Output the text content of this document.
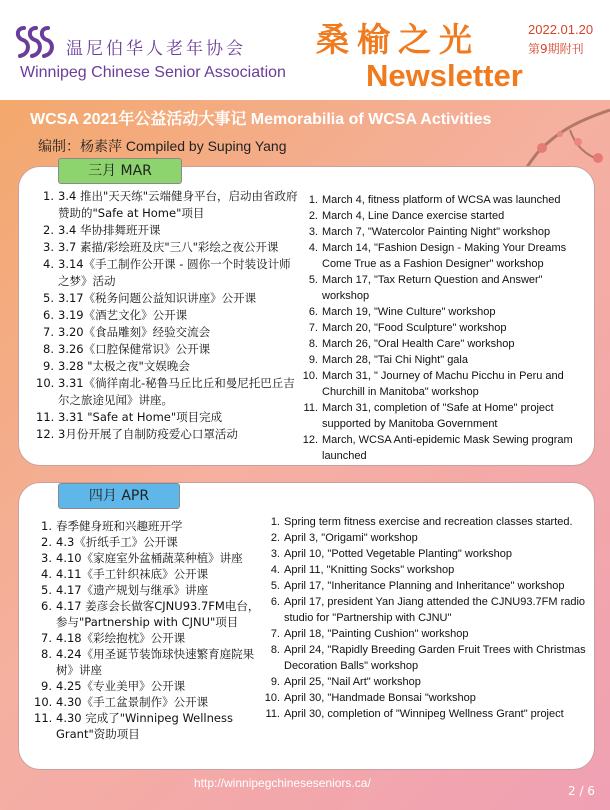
温尼伯华人老年协会
Winnipeg Chinese Senior Association
桑榆之光
Newsletter
2022.01.20
第9期附刊
WCSA 2021年公益活动大事记 Memorabilia of WCSA Activities
编制：杨素萍 Compiled by Suping Yang
三月 MAR
1. 3.4 推出"天天练"云端健身平台，启动由省政府赞助的"Safe at Home"项目
2. 3.4 华协排舞班开课
3. 3.7 素描/彩绘班及庆"三八"彩绘之夜公开课
4. 3.14《手工制作公开课 - 圆你一个时装设计师之梦》活动
5. 3.17《税务问题公益知识讲座》公开课
6. 3.19《酒艺文化》公开课
7. 3.20《食品雕刻》经验交流会
8. 3.26《口腔保健常识》公开课
9. 3.28 "太极之夜"文娱晚会
10. 3.31《徜徉南北-秘鲁马丘比丘和曼尼托巴丘吉尔之旅途见闻》讲座。
11. 3.31 "Safe at Home"项目完成
12. 3月份开展了自制防疫爱心口罩活动
1. March 4, fitness platform of WCSA was launched
2. March 4, Line Dance exercise started
3. March 7, "Watercolor Painting Night" workshop
4. March 14, "Fashion Design - Making Your Dreams Come True as a Fashion Designer" workshop
5. March 17, "Tax Return Question and Answer" workshop
6. March 19, "Wine Culture" workshop
7. March 20, "Food Sculpture" workshop
8. March 26, "Oral Health Care" workshop
9. March 28, "Tai Chi Night" gala
10. March 31, " Journey of Machu Picchu in Peru and Churchill in Manitoba" workshop
11. March 31, completion of "Safe at Home" project supported by Manitoba Government
12. March, WCSA Anti-epidemic Mask Sewing program launched
四月 APR
1. 春季健身班和兴趣班开学
2. 4.3《折纸手工》公开课
3. 4.10《家庭室外盆桶蔬菜种植》讲座
4. 4.11《手工针织袜底》公开课
5. 4.17《遗产规划与继承》讲座
6. 4.17 姜彦会长做客CJNU93.7FM电台，参与"Partnership with CJNU"项目
7. 4.18《彩绘抱枕》公开课
8. 4.24《用圣诞节装饰球快速繁育庭院果树》讲座
9. 4.25《专业美甲》公开课
10. 4.30《手工盆景制作》公开课
11. 4.30 完成了"Winnipeg Wellness Grant"资助项目
1. Spring term fitness exercise and recreation classes started.
2. April 3, "Origami" workshop
3. April 10, "Potted Vegetable Planting" workshop
4. April 11, "Knitting Socks" workshop
5. April 17, "Inheritance Planning and Inheritance" workshop
6. April 17, president Yan Jiang attended the CJNU93.7FM radio studio for "Partnership with CJNU"
7. April 18, "Painting Cushion" workshop
8. April 24, "Rapidly Breeding Garden Fruit Trees with Christmas Decoration Balls" workshop
9. April 25, "Nail Art" workshop
10. April 30, "Handmade Bonsai "workshop
11. April 30, completion of "Winnipeg Wellness Grant" project
http://winnipegchineseseniors.ca/
2 / 6
